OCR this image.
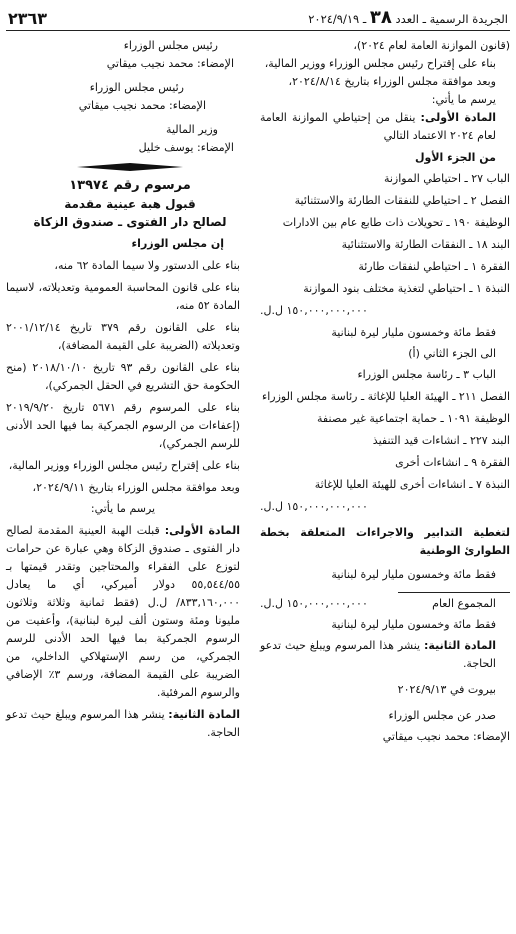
الجريدة الرسمية ـ العدد ٣٨ ـ ٢٠٢٤/٩/١٩
٢٣٦٣

(قانون الموازنة العامة لعام ٢٠٢٤)،

بناء على إقتراح رئيس مجلس الوزراء ووزير المالية،

وبعد موافقة مجلس الوزراء بتاريخ ٢٠٢٤/٨/١٤،

يرسم ما يأتي:

المادة الأولى: ينقل من إحتياطي الموازنة العامة لعام ٢٠٢٤ الاعتماد التالي

من الجزء الأول

الباب ٢٧ ـ احتياطي الموازنة

الفصل ٢ ـ احتياطي للنفقات الطارئة والاستثنائية

الوظيفة ١٩٠ ـ تحويلات ذات طابع عام بين الادارات

البند ١٨ ـ النفقات الطارئة والاستثنائية

الفقرة ١ ـ احتياطي لنفقات طارئة

النبذة ١ ـ احتياطي لتغذية مختلف بنود الموازنة

١٥٠,٠٠٠,٠٠٠,٠٠٠ ل.ل.

فقط مائة وخمسون مليار ليرة لبنانية

الى الجزء الثاني (أ)

الباب ٣ ـ رئاسة مجلس الوزراء

الفصل ٢١١ ـ الهيئة العليا للإغاثة ـ رئاسة مجلس الوزراء

الوظيفة ١٠٩١ ـ حماية اجتماعية غير مصنفة

البند ٢٢٧ ـ انشاءات قيد التنفيذ

الفقرة ٩ ـ انشاءات أخرى

النبذة ٧ ـ انشاءات أخرى للهيئة العليا للإغاثة

١٥٠,٠٠٠,٠٠٠,٠٠٠ ل.ل.

لتغطية التدابير والاجراءات المتعلقة بخطة الطوارئ الوطنية

فقط مائة وخمسون مليار ليرة لبنانية

المجموع العام
١٥٠,٠٠٠,٠٠٠,٠٠٠ ل.ل.

فقط مائة وخمسون مليار ليرة لبنانية

المادة الثانية: ينشر هذا المرسوم ويبلغ حيث تدعو الحاجة.

بيروت في ٢٠٢٤/٩/١٣

صدر عن مجلس الوزراء

الإمضاء: محمد نجيب ميقاتي

رئيس مجلس الوزراء

الإمضاء: محمد نجيب ميقاتي

رئيس مجلس الوزراء

الإمضاء: محمد نجيب ميقاتي

وزير المالية

الإمضاء: يوسف خليل

مرسوم رقم ١٣٩٧٤

قبول هبة عينية مقدمة

لصالح دار الفتوى ـ صندوق الزكاة

إن مجلس الوزراء

بناء على الدستور ولا سيما المادة ٦٢ منه،

بناء على قانون المحاسبة العمومية وتعديلاته، لاسيما المادة ٥٢ منه،

بناء على القانون رقم ٣٧٩ تاريخ ٢٠٠١/١٢/١٤ وتعديلاته (الضريبة على القيمة المضافة)،

بناء على القانون رقم ٩٣ تاريخ ٢٠١٨/١٠/١٠ (منح الحكومة حق التشريع في الحقل الجمركي)،

بناء على المرسوم رقم ٥٦٧١ تاريخ ٢٠١٩/٩/٢٠ (إعفاءات من الرسوم الجمركية بما فيها الحد الأدنى للرسم الجمركي)،

بناء على إقتراح رئيس مجلس الوزراء ووزير المالية،

وبعد موافقة مجلس الوزراء بتاريخ ٢٠٢٤/٩/١١،

يرسم ما يأتي:

المادة الأولى: قبلت الهبة العينية المقدمة لصالح دار الفتوى ـ صندوق الزكاة وهي عبارة عن حرامات لتوزع على الفقراء والمحتاجين وتقدر قيمتها بـ ٥٥,٥٤٤/٥٥ دولار أميركي، أي ما يعادل ٨٣٣,١٦٠,٠٠٠/ ل.ل (فقط ثمانية وثلاثة وثلاثون مليونا ومئة وستون ألف ليرة لبنانية)، وأعفيت من الرسوم الجمركية بما فيها الحد الأدنى للرسم الجمركي، من رسم الإستهلاكي الداخلي، من الضريبة على القيمة المضافة، ورسم ٣٪ الإضافي والرسوم المرفئية.

المادة الثانية: ينشر هذا المرسوم ويبلغ حيث تدعو الحاجة.
